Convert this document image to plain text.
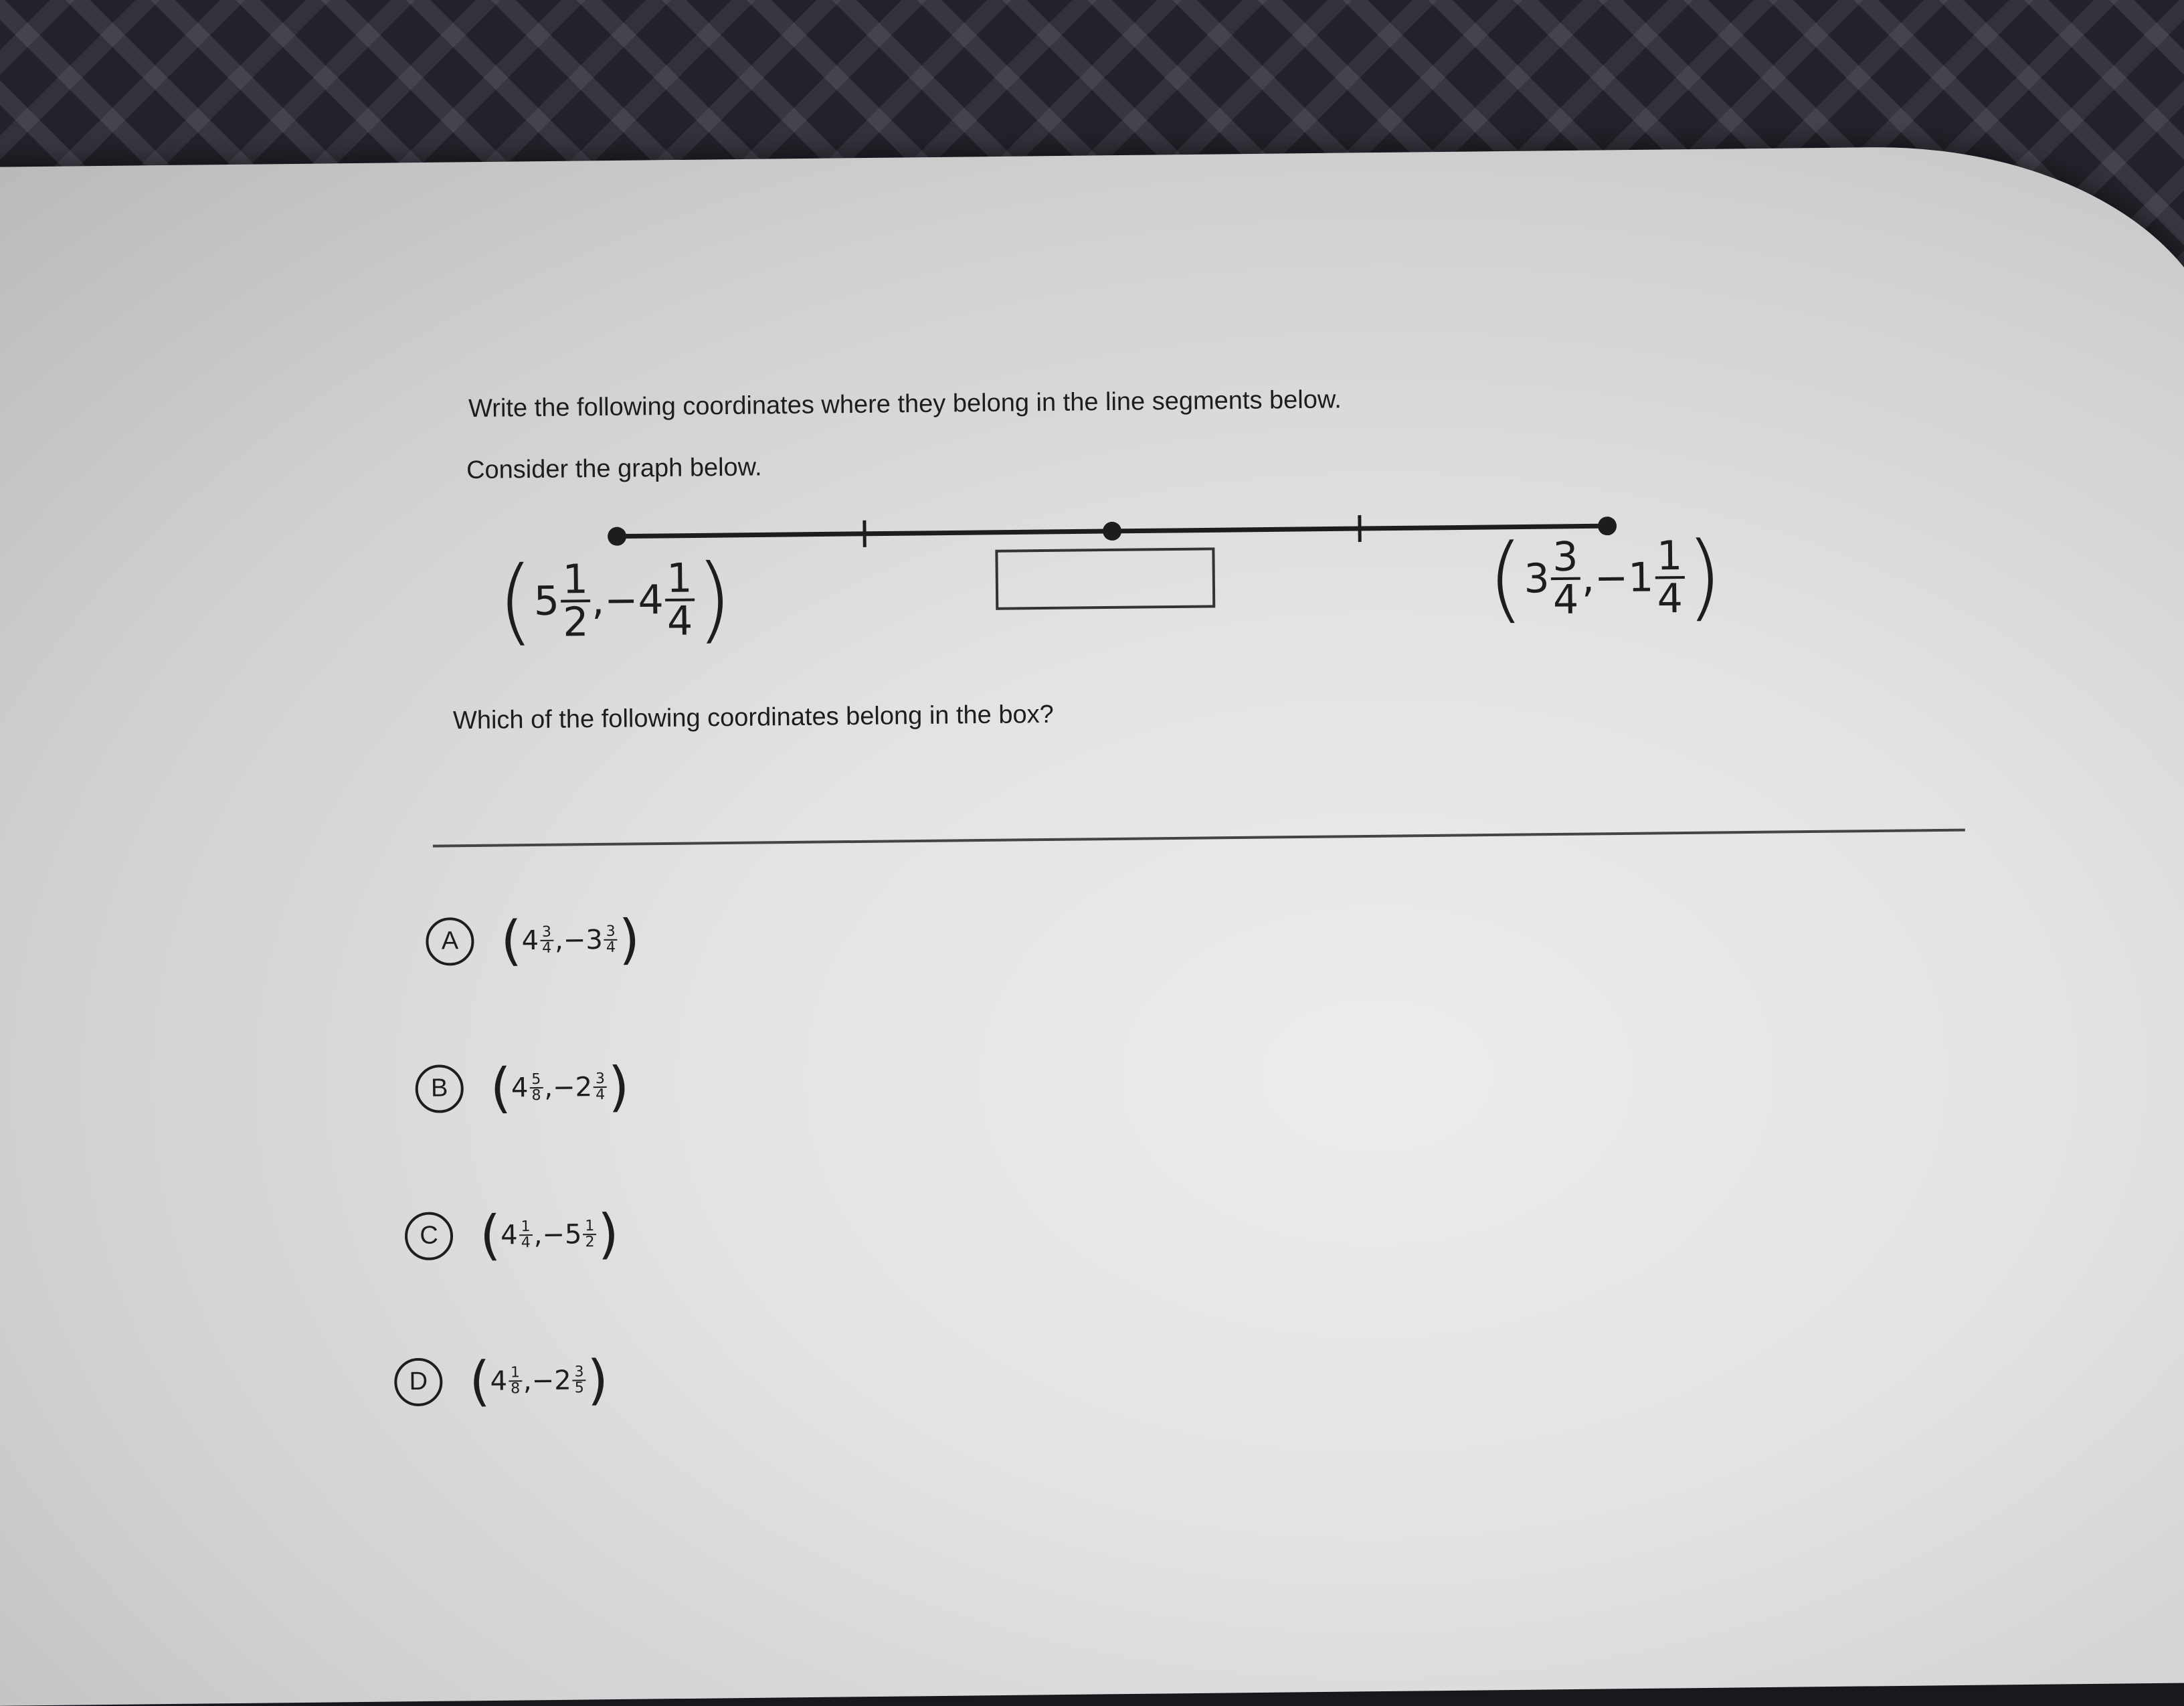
Write the following coordinates where they belong in the line segments below.
Consider the graph below.
(
$5 \frac{1}{2}$ , $-4 \frac{1}{4}$ )	(
$3 \frac{3}{4}$ , $-1 \frac{1}{4}$ )
Which of the following coordinates belong in the box?
A ( $4 \frac{3}{4}$ , $-3 \frac{3}{4}$ )
B ( $4 \frac{5}{8}$ , $-2 \frac{3}{4}$ )
C ( $4 \frac{1}{4}$ , $-5 \frac{1}{2}$ )
D ( $4 \frac{1}{8}$ , $-2 \frac{3}{5}$ )
